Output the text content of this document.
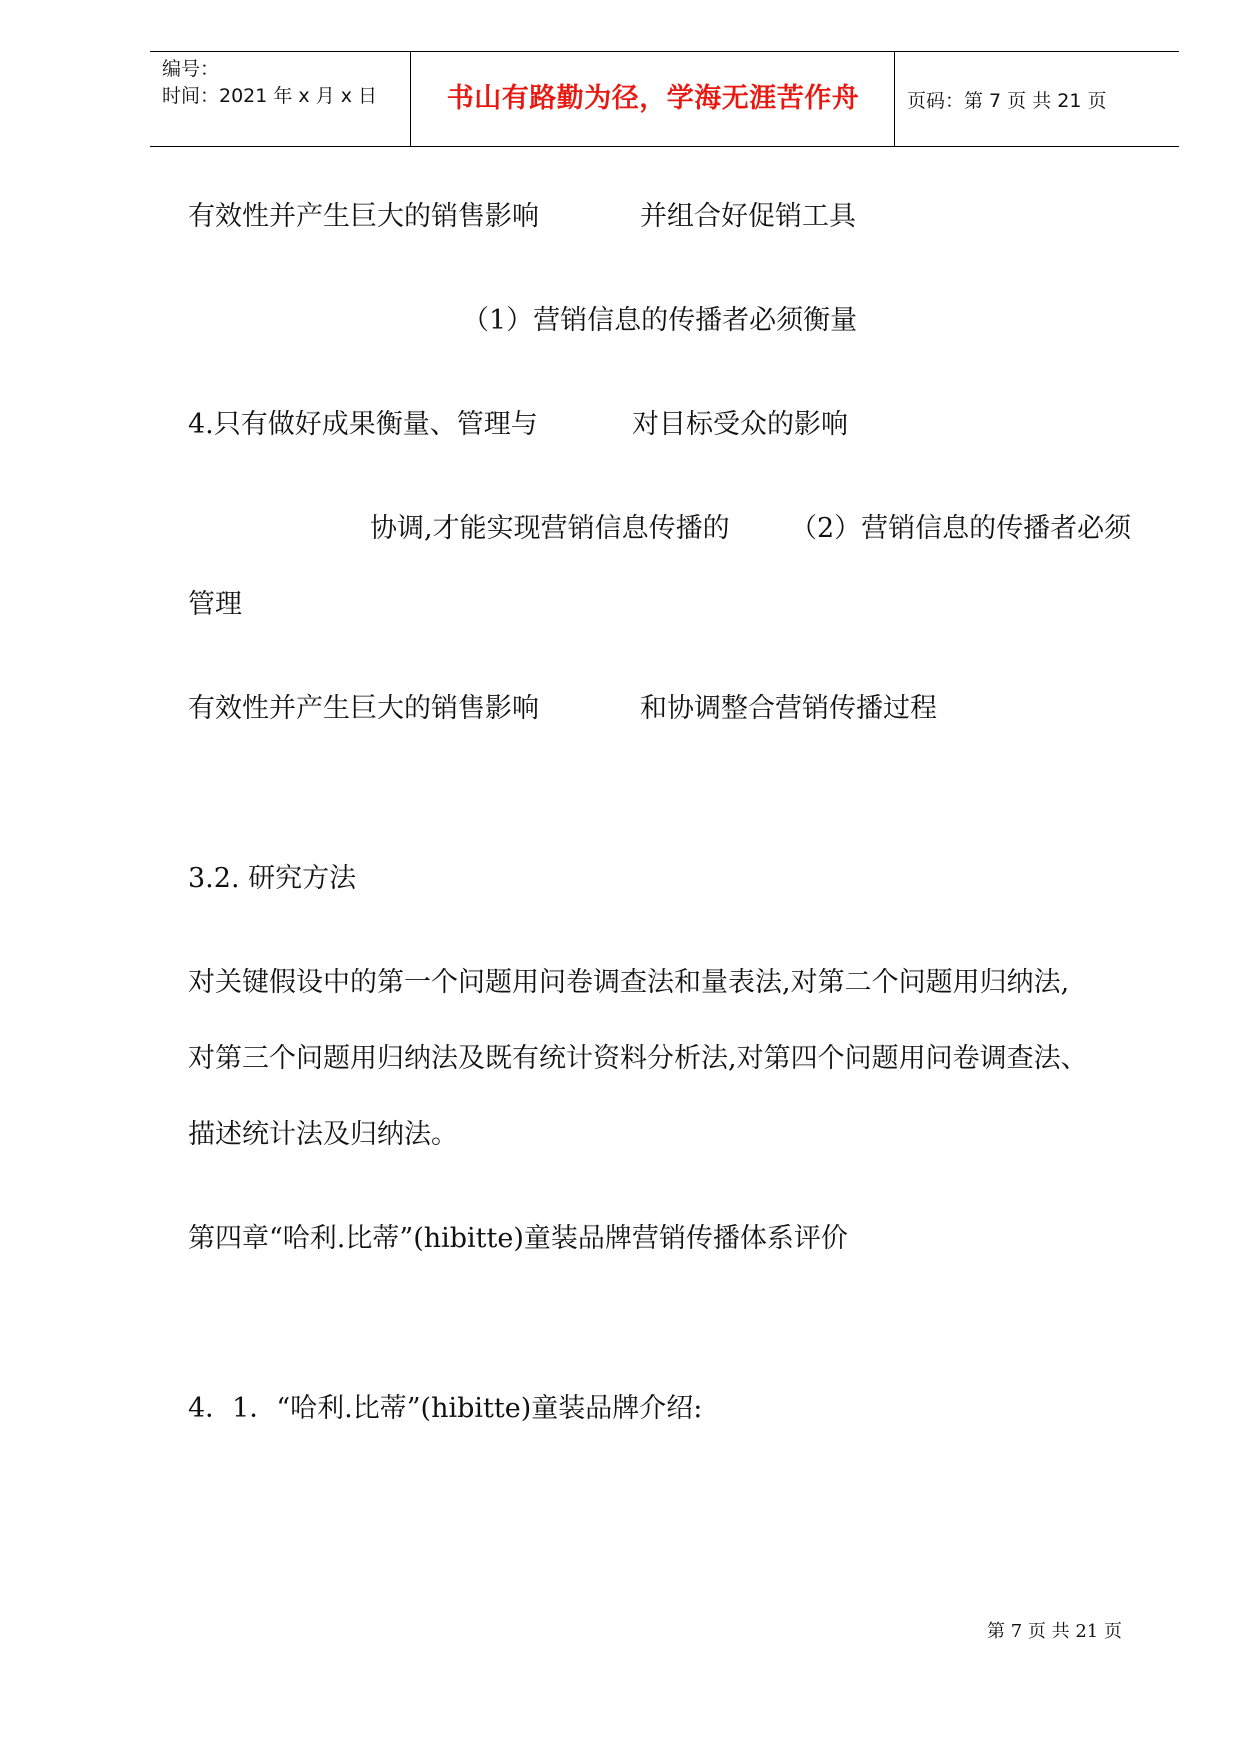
编号：
时间：2021 年 x 月 x 日	书山有路勤为径，学海无涯苦作舟	页码：第 7 页 共 21 页
有效性并产生巨大的销售影响	并组合好促销工具
（1）营销信息的传播者必须衡量
4.只有做好成果衡量、管理与	对目标受众的影响
协调,才能实现营销信息传播的 （2）营销信息的传播者必须
管理
有效性并产生巨大的销售影响	和协调整合营销传播过程
3.2. 研究方法
对关键假设中的第一个问题用问卷调查法和量表法,对第二个问题用归纳法,
对第三个问题用归纳法及既有统计资料分析法,对第四个问题用问卷调查法、
描述统计法及归纳法。
第四章“哈利.比蒂”(hibitte)童装品牌营销传播体系评价
4．1．“哈利.比蒂”(hibitte)童装品牌介绍:
第 7 页 共 21 页
